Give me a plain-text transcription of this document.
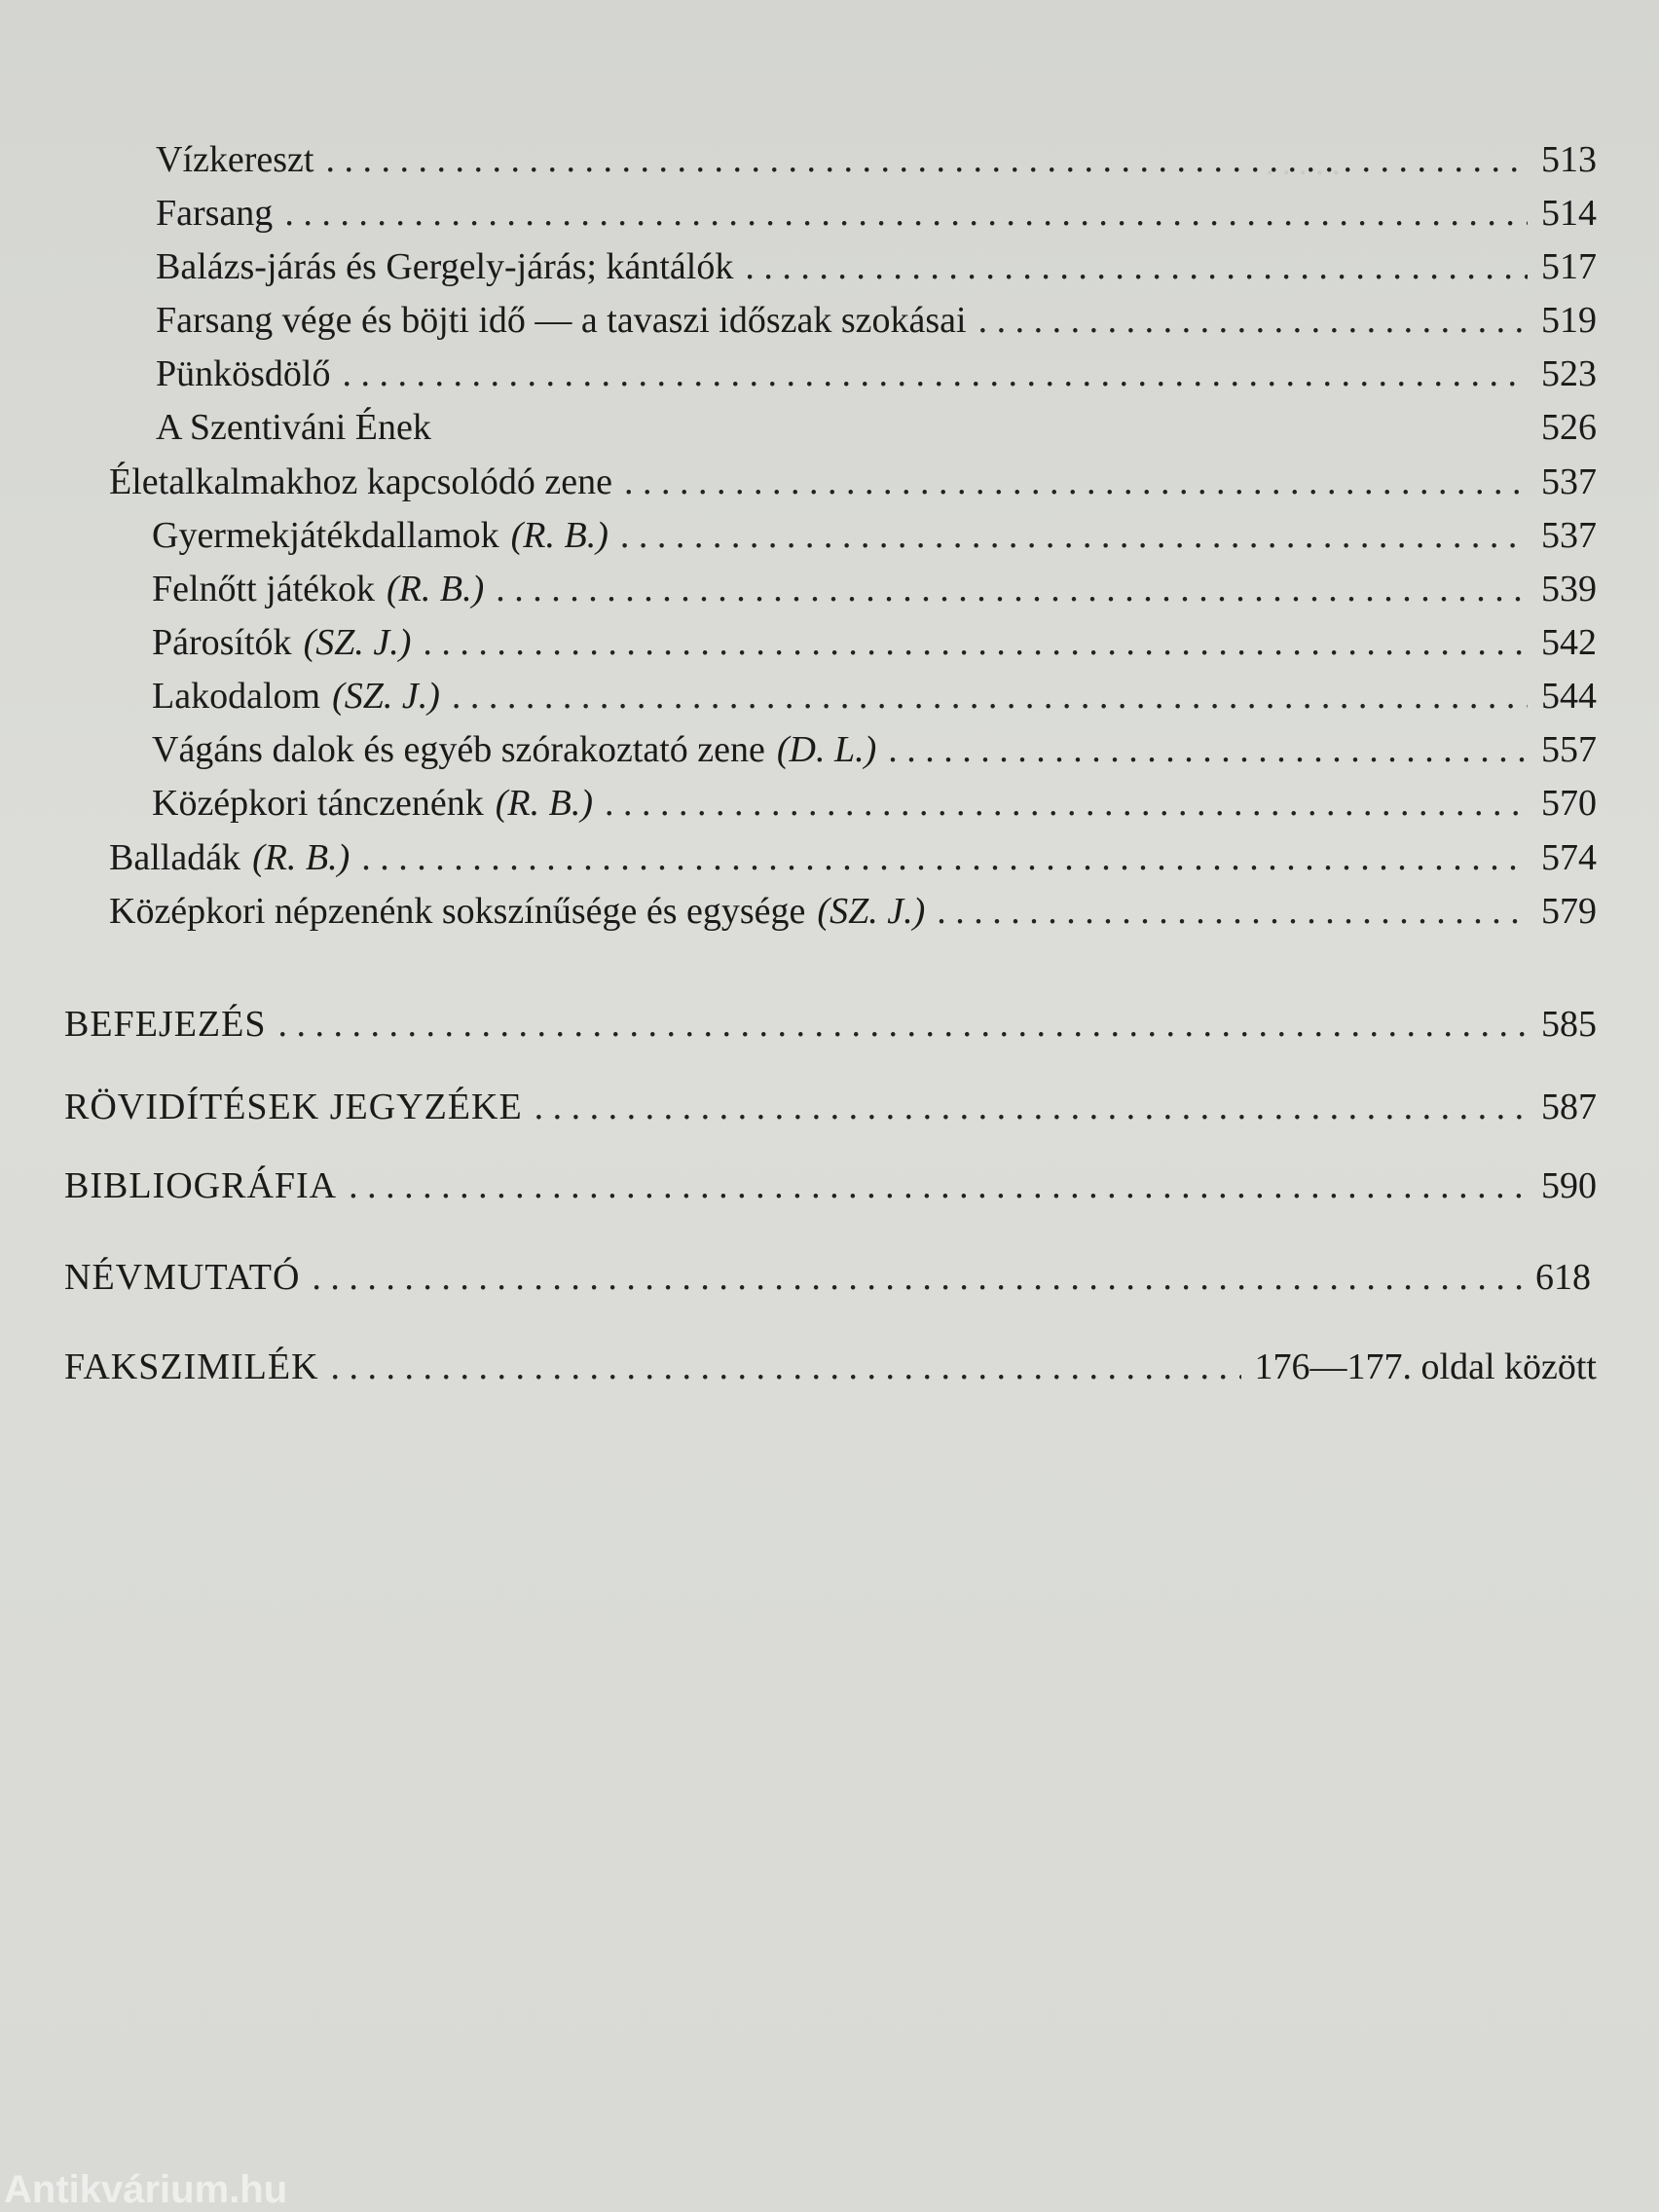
. . . . .
Vízkereszt . . .	513
Farsang . . .	514
Balázs-járás és Gergely-járás; kántálók . . .	517
Farsang vége és böjti idő — a tavaszi időszak szokásai . . .	519
Pünkösdölő . . .	523
A Szentiváni Ének	526
Életalkalmakhoz kapcsolódó zene . . .	537
Gyermekjátékdallamok (R. B.) . . .	537
Felnőtt játékok (R. B.) . . .	539
Párosítók (SZ. J.) . . .	542
Lakodalom (SZ. J.) . . .	544
Vágáns dalok és egyéb szórakoztató zene (D. L.) . . .	557
Középkori tánczenénk (R. B.) . . .	570
Balladák (R. B.) . . .	574
Középkori népzenénk sokszínűsége és egysége (SZ. J.) . . .	579
BEFEJEZÉS . . .	585
RÖVIDÍTÉSEK JEGYZÉKE . . .	587
BIBLIOGRÁFIA . . .	590
NÉVMUTATÓ . . .	618
FAKSZIMILÉK . . .	176—177. oldal között
Antikvárium.hu
